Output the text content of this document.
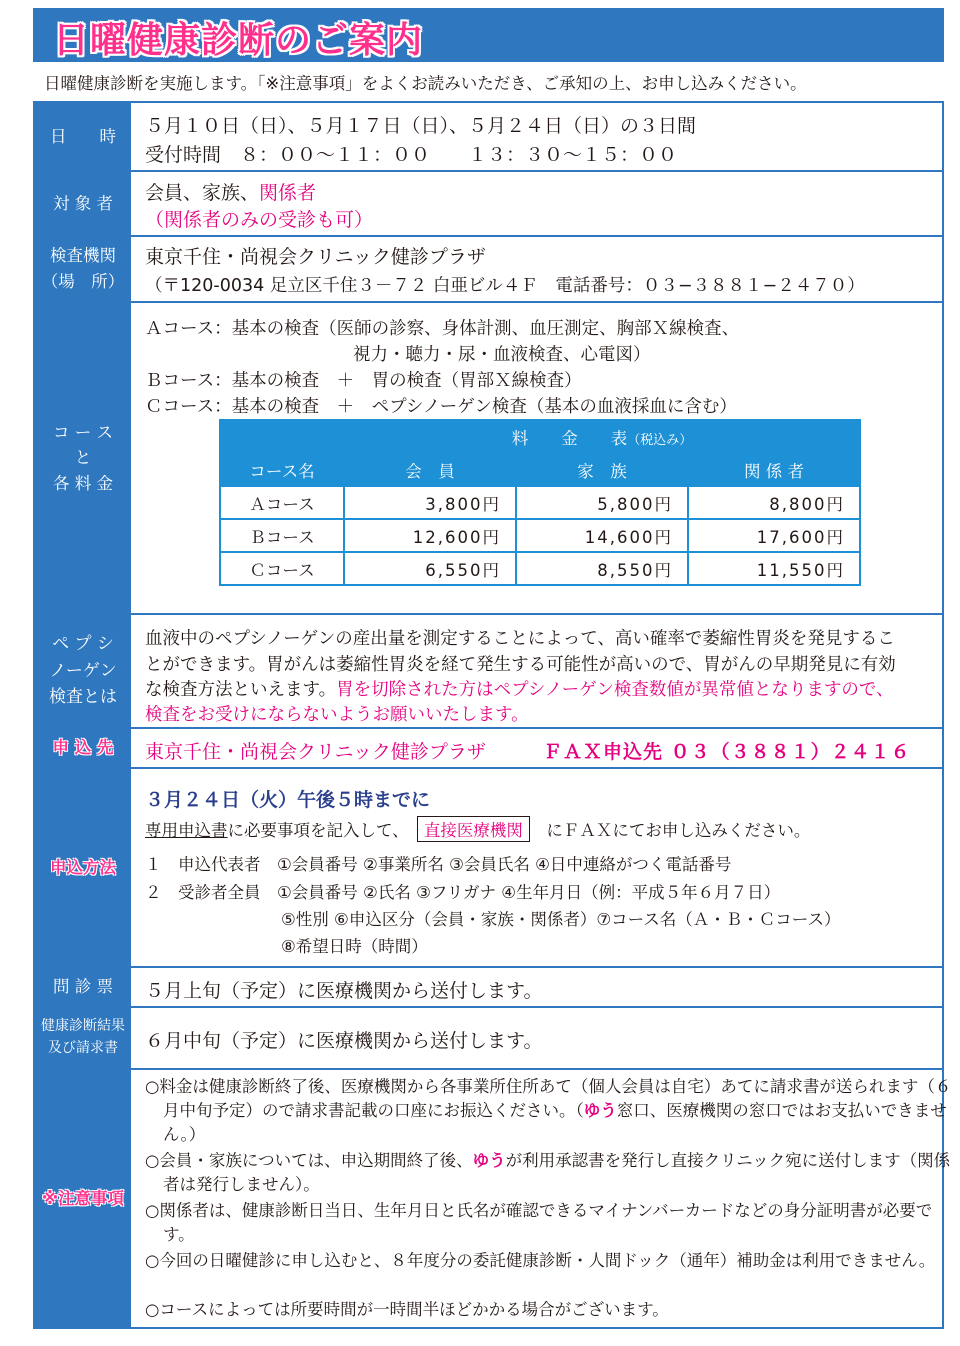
日曜健康診断のご案内
日曜健康診断を実施します。「※注意事項」をよくお読みいただき、ご承知の上、お申し込みください。
日　　時 ５月１０日（日）、５月１７日（日）、５月２４日（日）の３日間
受付時間　８：００～１１：００　　１３：３０～１５：００
対 象 者 会員、家族、関係者
（関係者のみの受診も可）
検査機関
（場　所）
東京千住・尚視会クリニック健診プラザ
（〒120-0034 足立区千住３－７２ 白亜ビル４Ｆ　電話番号：０３−３８８１−２４７０）
コ ー ス
と
各 料 金
Ａコース：基本の検査（医師の診察、身体計測、血圧測定、胸部Ｘ線検査、
視力・聴力・尿・血液検査、心電図）
Ｂコース：基本の検査　＋　胃の検査（胃部Ｘ線検査）
Ｃコース：基本の検査　＋　ペプシノーゲン検査（基本の血液採血に含む）
	料　　金　　表（税込み）		
コース名	会　員	家　族	関 係 者
Ａコース	3,800円	5,800円	8,800円
Ｂコース	12,600円	14,600円	17,600円
Ｃコース	6,550円	8,550円	11,550円
ペ プ シ
ノーゲン
検査とは
血液中のペプシノーゲンの産出量を測定することによって、高い確率で萎縮性胃炎を発見するこ
とができます。胃がんは萎縮性胃炎を経て発生する可能性が高いので、胃がんの早期発見に有効
な検査方法といえます。胃を切除された方はペプシノーゲン検査数値が異常値となりますので、
検査をお受けにならないようお願いいたします。
申 込 先 東京千住・尚視会クリニック健診プラザ	ＦＡＸ申込先 ０３（３８８１）２４１６
申込方法
３月２４日（火）午後５時までに
専用申込書に必要事項を記入して、　 直接医療機関　 にＦＡＸにてお申し込みください。
１　申込代表者　①会員番号 ②事業所名 ③会員氏名 ④日中連絡がつく電話番号
２　受診者全員　①会員番号 ②氏名 ③フリガナ ④生年月日（例：平成５年６月７日）
⑤性別 ⑥申込区分（会員・家族・関係者）⑦コース名（Ａ・Ｂ・Ｃコース）
⑧希望日時（時間）
問 診 票 ５月上旬（予定）に医療機関から送付します。
健康診断結果
及び請求書	６月中旬（予定）に医療機関から送付します。
※注意事項
○料金は健康診断終了後、医療機関から各事業所住所あて（個人会員は自宅）あてに請求書が送られます（６月中旬予定）ので請求書記載の口座にお振込ください。（ゆう窓口、医療機関の窓口ではお支払いできません。）
○会員・家族については、申込期間終了後、ゆうが利用承認書を発行し直接クリニック宛に送付します（関係者は発行しません）。
○関係者は、健康診断日当日、生年月日と氏名が確認できるマイナンバーカードなどの身分証明書が必要です。
○今回の日曜健診に申し込むと、８年度分の委託健康診断・人間ドック（通年）補助金は利用できません。
○コースによっては所要時間が一時間半ほどかかる場合がございます。
